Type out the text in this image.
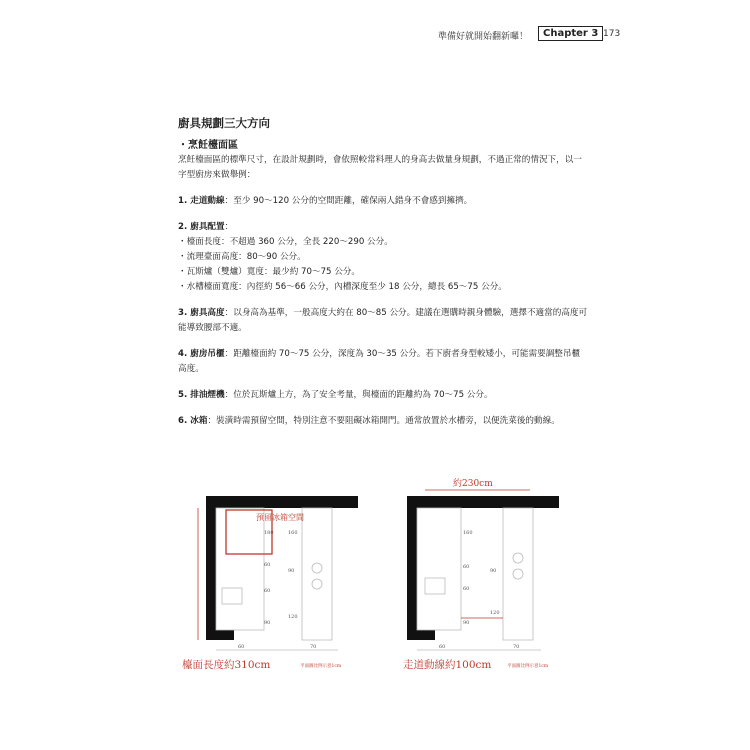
準備好就開始翻新囉！	Chapter 3 173
廚具規劃三大方向
・烹飪檯面區

烹飪檯面區的標準尺寸，在設計規劃時，會依照較常料理人的身高去做量身規劃，不過正常的情況下，以一字型廚房來做舉例：

1. 走道動線：至少 90～120 公分的空間距離，確保兩人錯身不會感到擁擠。

2. 廚具配置：

・檯面長度：不超過 360 公分，全長 220～290 公分。
・流理臺面高度：80～90 公分。
・瓦斯爐（雙爐）寬度：最少約 70～75 公分。
・水槽檯面寬度：內徑約 56～66 公分，內槽深度至少 18 公分，總長 65～75 公分。

3. 廚具高度：以身高為基準，一般高度大約在 80～85 公分。建議在選購時親身體驗，選擇不適當的高度可能導致腰部不適。

4. 廚房吊櫃：距離檯面約 70～75 公分，深度為 30～35 公分。若下廚者身型較矮小，可能需要調整吊櫃高度。

5. 排油煙機：位於瓦斯爐上方，為了安全考量，與檯面的距離約為 70～75 公分。

6. 冰箱：裝潢時需預留空間，特別注意不要阻礙冰箱開門。通常放置於水槽旁，以便洗菜後的動線。

預留冰箱空間
180	160
60
90
60
120
90
60	70
檯面長度約310cm	平面圖比例示意1cm
約230cm
160
60
90
60
120
90
60	70
走道動線約100cm	平面圖比例示意1cm
